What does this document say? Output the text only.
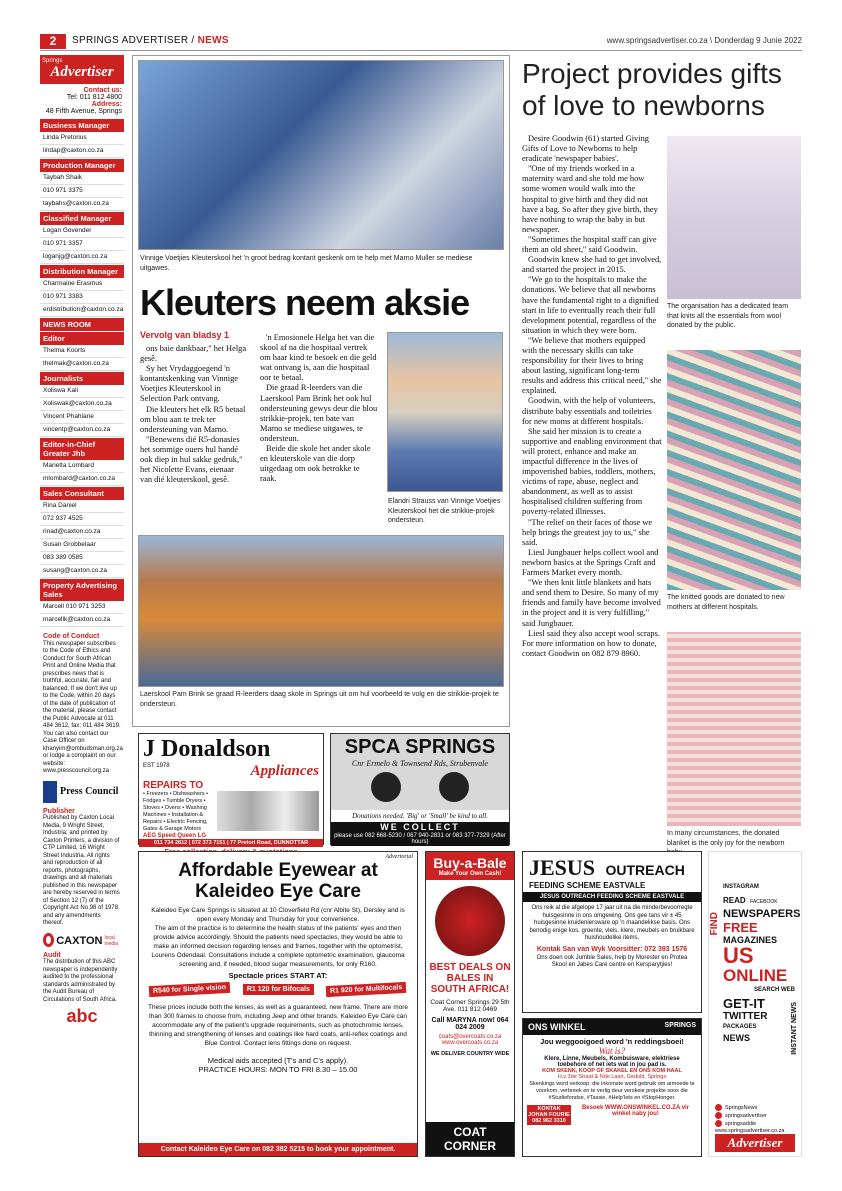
2	SPRINGS ADVERTISER / NEWS	www.springsadvertiser.co.za \ Donderdag 9 Junie 2022
Springs
Advertiser
Contact us:
Tel: 011 812 4800
Address:
48 Fifth Avenue, Springs
Business Manager
Linda Pretorius
lindap@caxton.co.za
Production Manager
Taybah Shaik
010 971 3375
taybahs@caxton.co.za
Classified Manager
Logan Govender
010 971 3357
loganjg@caxton.co.za
Distribution Manager
Charmaine Erasmus
010 971 3383
erdistribution@caxton.co.za
NEWS ROOM
Editor
Thelma Koorts
thelmak@caxton.co.za
Journalists
Xoliswa Kali
Xoliswak@caxton.co.za
Vincent Phahlane
vincentp@caxton.co.za
Editor-in-Chief Greater Jhb
Marietta Lombard
mlombard@caxton.co.za
Sales Consultant
Rina Daniel
072 937 4525
rinad@caxton.co.za
Susan Grobbelaar
083 389 0585
susang@caxton.co.za
Property Advertising Sales
Marcell 010 971 3253
marcellk@caxton.co.za
Code of Conduct
This newspaper subscribes to the Code of Ethics and Conduct for South African Print and Online Media that prescribes news that is truthful, accurate, fair and balanced. If we don't live up to the Code, within 20 days of the date of publication of the material, please contact the Public Advocate at 011 484 3612, fax: 011 484 3619. You can also contact our Case Officer on khanyim@ombudsman.org.za or lodge a complaint on our website: www.presscouncil.org.za
Press Council
Publisher
Published by Caxton Local Media, 9 Wright Street, Industria; and printed by Caxton Printers, a division of CTP Limited, 16 Wright Street Industria. All rights and reproduction of all reports, photographs, drawings and all materials published in this newspaper are hereby reserved in terms of Section 12 (7) of the Copyright Act No 98 of 1978 and any amendments thereof.
CAXTON local media
Audit
The distribution of this ABC newspaper is independently audited to the professional standards administrated by the Audit Bureau of Circulations of South Africa.
abc
Vinnige Voetjies Kleuterskool het 'n groot bedrag kontant geskenk om te help met Marno Muller se mediese uitgawes.
Kleuters neem aksie
Vervolg van bladsy 1

ons baie dankbaar," het Helga gesê.

Sy het Vrydaggoegend 'n kontantskenking van Vinnige Voetjies Kleuterskool in Selection Park ontvang.

Die kleuters het elk R5 betaal om blou aan te trek ter ondersteuning van Marno.

"Benewens dié R5-donasies het sommige ouers hul handé ook diep in hul sakke gedruk," het Nicolette Evans, eienaar van dié kleuterskool, gesê.

'n Emosionele Helga het van die skool af na die hospitaal vertrek om haar kind te besoek en die geld wat ontvang is, aan die hospitaal oor te betaal.

Die graad R-leerders van die Laerskool Pam Brink het ook hul ondersteuning gewys deur die blou strikkie-projek, ten bate van Marno se mediese uitgawes, te ondersteun.

Beide die skole het ander skole en kleuterskole van die dorp uitgedaag om ook betrokke te raak.

Elandri Strauss van Vinnige Voetjies Kleuterskool het die strikkie-projek ondersteun.
Laerskool Pam Brink se graad R-leerders daag skole in Springs uit om hul voorbeeld te volg en die strikkie-projek te ondersteun.
Project provides gifts of love to newborns

Desire Goodwin (61) started Giving Gifts of Love to Newborns to help eradicate 'newspaper babies'.

"One of my friends worked in a maternity ward and she told me how some women would walk into the hospital to give birth and they did not have a bag. So after they give birth, they have nothing to wrap the baby in but newspaper.

"Sometimes the hospital staff can give them an old sheet," said Goodwin.

Goodwin knew she had to get involved, and started the project in 2015.

"We go to the hospitals to make the donations. We believe that all newborns have the fundamental right to a dignified start in life to eventually reach their full development potential, regardless of the situation in which they were born.

"We believe that mothers equipped with the necessary skills can take responsibility for their lives to bring about lasting, significant long-term results and address this critical need," she explained.

Goodwin, with the help of volunteers, distribute baby essentials and toiletries for new moms at different hospitals.

She said her mission is to create a supportive and enabling environment that will protect, enhance and make an impactful difference in the lives of impoverished babies, toddlers, mothers, victims of rape, abuse, neglect and abandonment, as well as to assist hospitalised children suffering from poverty-related illnesses.

"The relief on their faces of those we help brings the greatest joy to us," she said.

Liesl Jungbauer helps collect wool and newborn basics at the Springs Craft and Farmers Market every month.

"We then knit little blankets and hats and send them to Desire. So many of my friends and family have become involved in the project and it is very fulfilling," said Jungbauer.

Liesl said they also accept wool scraps. For more information on how to donate, contact Goodwin on 082 879 8960.

The organisation has a dedicated team that knits all the essentials from wool donated by the public.
The knitted goods are donated to new mothers at different hospitals.
In many circumstances, the donated blanket is the only joy for the newborn
J Donaldson
EST 1978	Appliances
REPAIRS TO
• Freezers • Dishwashers • Fridges • Tumble Dryers • Stoves • Ovens • Washing Machines • Installation & Repairs • Electric Fencing, Gates & Garage Motors
AEG Speed Queen LG
011 734 2812 | 072 373 7151 | 77 Pretori Road, DUNNOTTAR
SPCA SPRINGS
Cnr Ermelo & Townsend Rds, Strubenvale
Donations needed. 'Big' or 'Small' be kind to all.
WE COLLECT
please use 082 668-5230 / 067 940-2831 or 083 377-7329 (After hours)
Advertorial
Affordable Eyewear at
Kaleideo Eye Care
Kaleideo Eye Care Springs is situated at 10 Cloverfield Rd (cnr Albite St), Dersley and is open every Monday and Thursday for your convenience.
The aim of the practice is to determine the health status of the patients' eyes and then provide advice accordingly. Should the patients need spectacles, they would be able to make an informed decision regarding lenses and frames, together with the optometrist, Lourens Odendaal. Consultations include a complete optometric examination, glaucoma screening and, if needed, blood sugar measurements, for only R160.
Spectacle prices START AT:
R540 for Single vision	R1 120 for Bifocals	R1 920 for Multifocals
These prices include both the lenses, as well as a guaranteed, new frame. There are more than 300 frames to choose from, including Jeep and other brands. Kaleideo Eye Care can accommodate any of the patient's upgrade requirements, such as photochromic lenses, thinning and strengthening of lenses and coatings like hard coats, anti-reflex coatings and Blue Control. Contact lens fittings done on request.
Medical aids accepted (T's and C's apply).
PRACTICE HOURS: MON TO FRI 8.30 – 15.00
Contact Kaleideo Eye Care on 082 382 5215 to book your appointment.
Buy-a-Bale
Make Your Own Cash!
BEST DEALS ON BALES IN SOUTH AFRICA!
Coat Corner Springs 29 5th Ave. 011 812 0469
Call MARYNA now! 064 024 2009
coats@overcoats.co.za www.overcoats.co.za
WE DELIVER COUNTRY WIDE
COAT CORNER
JESUS OUTREACH
FEEDING SCHEME EASTVALE
JESUS OUTREACH FEEDING SCHEME EASTVALE
Ons reik al die afgelope 17 jaar uit na die minderbevoorregte huisgesinne in ons omgewing. Ons gee tans vir ± 45 huisgesinne kruideniersware op 'n maandelikse basis. Ons benodig enige kos, groente, vleis, klere, meubels en bruikbare huishoudelike items.
Kontak San van Wyk Voorsitter: 072 393 1576
Ons doen ook Jumble Sales, help by Morester en Protea Skool en Jabes Care centre en Kersparytjies!
ONS WINKEL	SPRINGS
Jou weggooigoed word 'n reddingsboei!
Wat is?
Klere, Linne, Meubels, Kombuisware, elektriese toebehore of net iets wat in jou pad is.
KOM SKENK, KOOP OF SKAKEL EN ONS KOM HAAL
H.v 3de Straat & Nde Laan, Geduld, Springs
Skenkings word verkoop: die inkomste word gebruik om armoede te voorkom, verbreek en te verlig deur verskeie projekte soos die #Studiefondse, #Tassie, #Help'Iets en #StopHonger.
KONTAK JOHAN FOURIE 082 962 3310
Besoek WWW.ONSWINKEL.CO.ZA vir winkel naby jou!
INSTAGRAM
READ FACEBOOK
NEWSPAPERS
FREE
MAGAZINES
US
ONLINE
SEARCH WEB
GET-IT
TWITTER
PACKAGES
NEWS
FIND
INSTANT NEWS
SpringsNews
springsadvertiser
springsaddie
www.springsadvertiser.co.za
Advertiser
